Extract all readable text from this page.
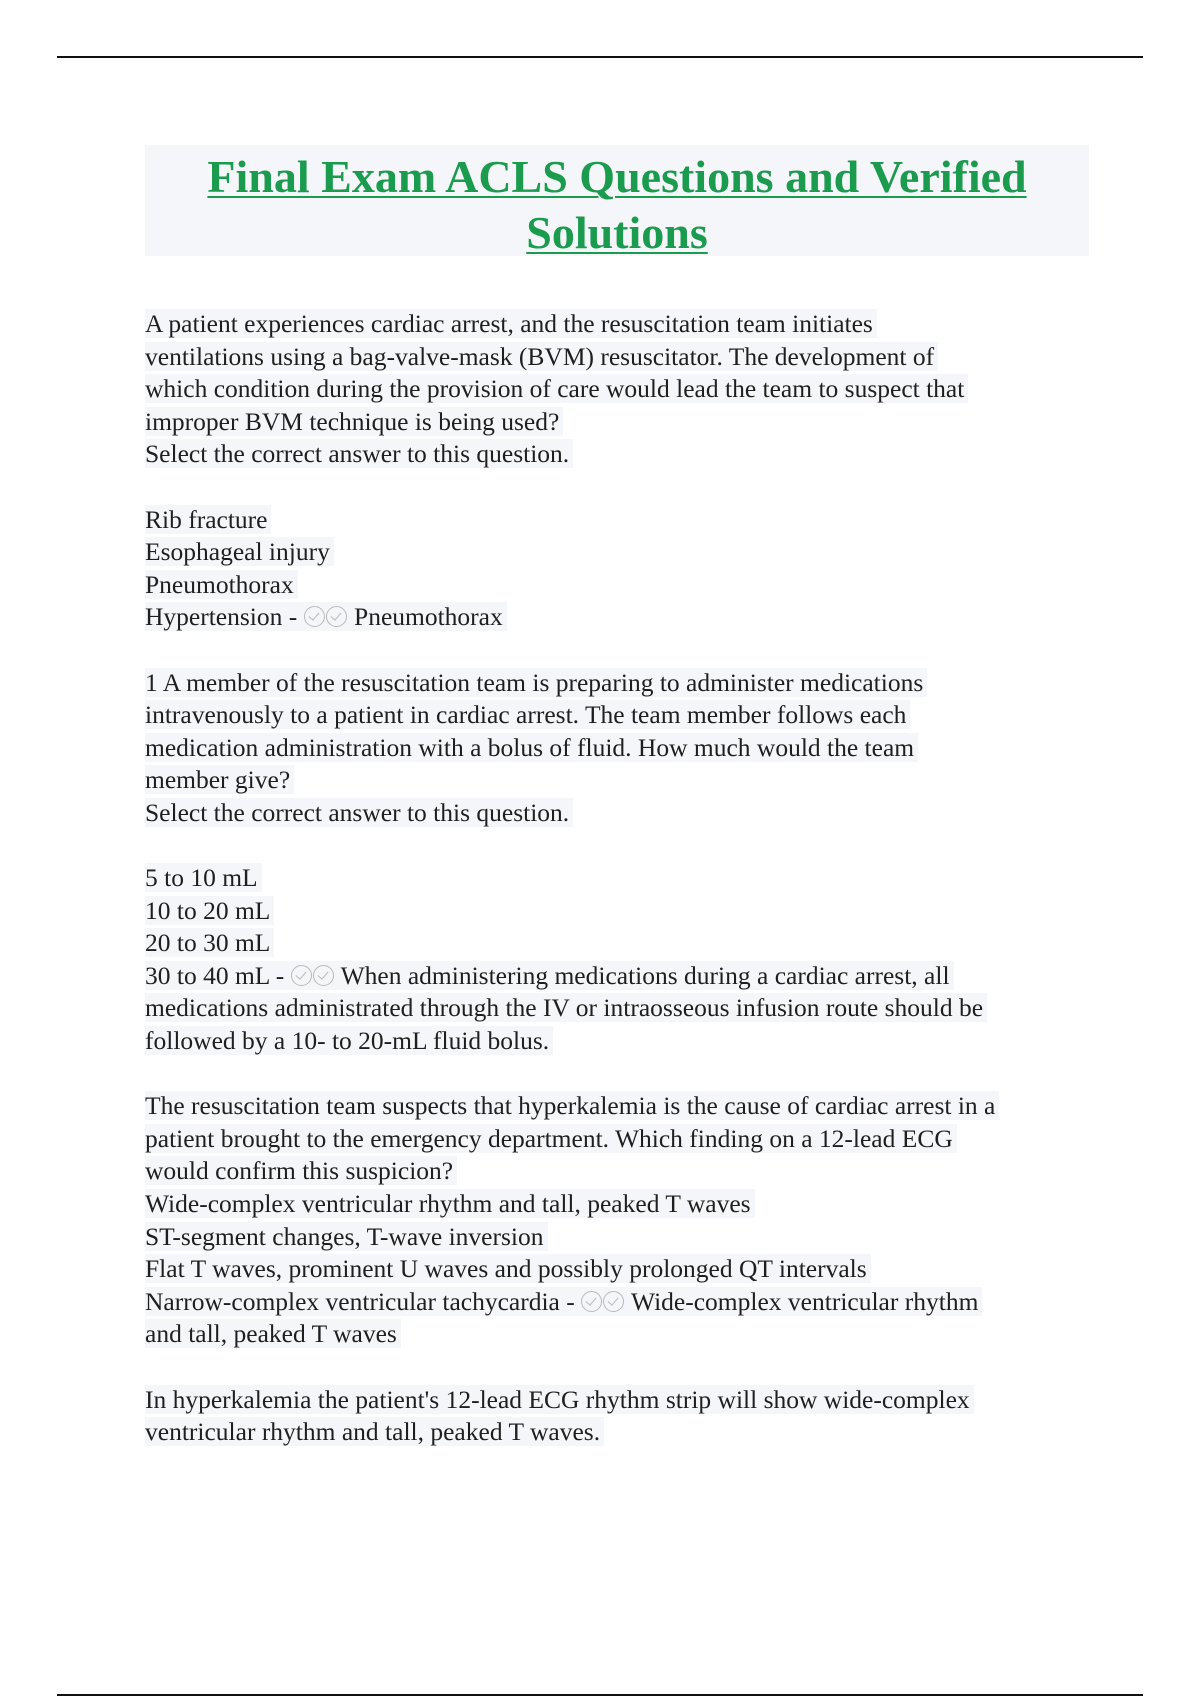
Final Exam ACLS Questions and Verified Solutions
A patient experiences cardiac arrest, and the resuscitation team initiates
ventilations using a bag-valve-mask (BVM) resuscitator. The development of
which condition during the provision of care would lead the team to suspect that
improper BVM technique is being used?
Select the correct answer to this question.
Rib fracture
Esophageal injury
Pneumothorax
Hypertension - Pneumothorax
1 A member of the resuscitation team is preparing to administer medications
intravenously to a patient in cardiac arrest. The team member follows each
medication administration with a bolus of fluid. How much would the team
member give?
Select the correct answer to this question.
5 to 10 mL
10 to 20 mL
20 to 30 mL
30 to 40 mL - When administering medications during a cardiac arrest, all
medications administrated through the IV or intraosseous infusion route should be
followed by a 10- to 20-mL fluid bolus.
The resuscitation team suspects that hyperkalemia is the cause of cardiac arrest in a
patient brought to the emergency department. Which finding on a 12-lead ECG
would confirm this suspicion?
Wide-complex ventricular rhythm and tall, peaked T waves
ST-segment changes, T-wave inversion
Flat T waves, prominent U waves and possibly prolonged QT intervals
Narrow-complex ventricular tachycardia - Wide-complex ventricular rhythm
and tall, peaked T waves
In hyperkalemia the patient's 12-lead ECG rhythm strip will show wide-complex
ventricular rhythm and tall, peaked T waves.
